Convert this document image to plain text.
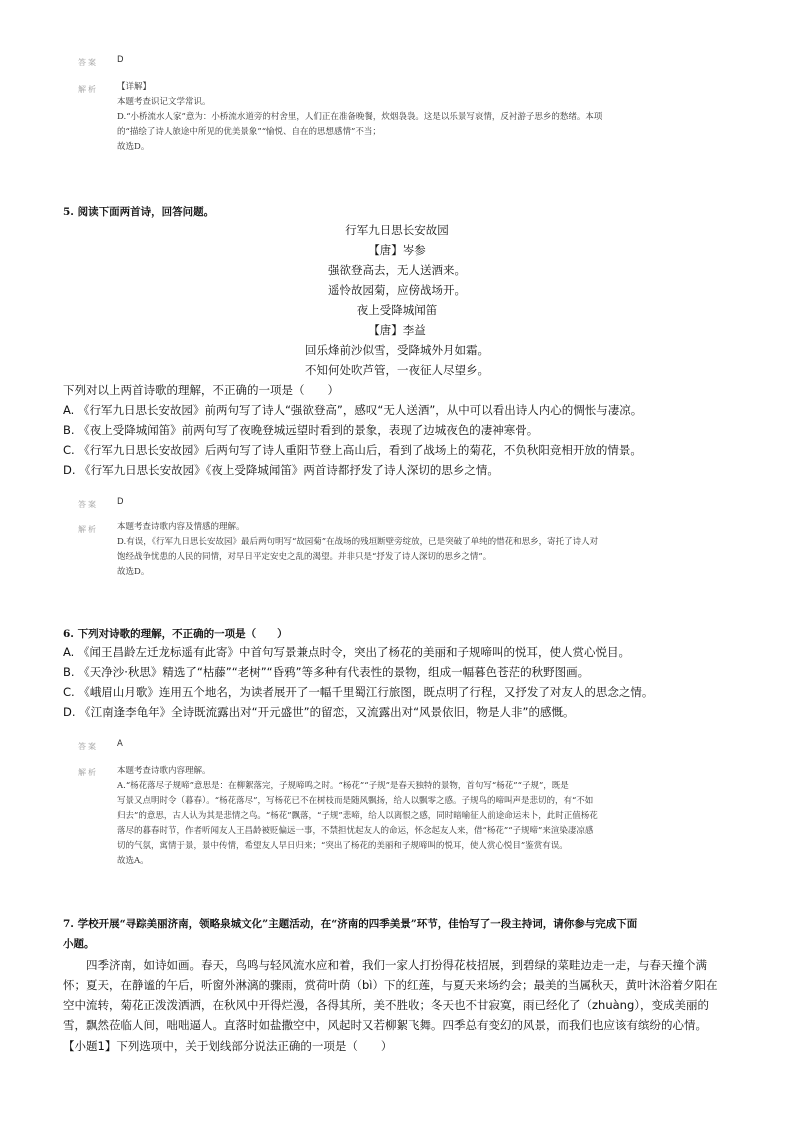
答案 D
解析 【详解】
本题考查识记文学常识。
D.“小桥流水人家”意为：小桥流水道旁的村舍里，人们正在准备晚餐，炊烟袅袅。这是以乐景写哀情，反衬游子思乡的愁绪。本项
的“描绘了诗人旅途中所见的优美景象”“愉悦、自在的思想感情”不当；
故选D。
5. 阅读下面两首诗，回答问题。
行军九日思长安故园
【唐】岑参
强欲登高去，无人送酒来。
遥怜故园菊，应傍战场开。
夜上受降城闻笛
【唐】李益
回乐烽前沙似雪，受降城外月如霜。
不知何处吹芦管，一夜征人尽望乡。
下列对以上两首诗歌的理解，不正确的一项是（　　）
A. 《行军九日思长安故园》前两句写了诗人“强欲登高”，感叹“无人送酒”，从中可以看出诗人内心的惆怅与凄凉。
B. 《夜上受降城闻笛》前两句写了夜晚登城远望时看到的景象，表现了边城夜色的凄神寒骨。
C. 《行军九日思长安故园》后两句写了诗人重阳节登上高山后，看到了战场上的菊花，不负秋阳竞相开放的情景。
D. 《行军九日思长安故园》《夜上受降城闻笛》两首诗都抒发了诗人深切的思乡之情。
答案 D
解析 本题考查诗歌内容及情感的理解。
D.有误，《行军九日思长安故园》最后两句明写“故园菊”在战场的残垣断壁旁绽放，已是突破了单纯的惜花和思乡，寄托了诗人对
饱经战争忧患的人民的同情，对早日平定安史之乱的渴望。并非只是“抒发了诗人深切的思乡之情”。
故选D。
6. 下列对诗歌的理解，不正确的一项是（　　）
A. 《闻王昌龄左迁龙标遥有此寄》中首句写景兼点时令，突出了杨花的美丽和子规啼叫的悦耳，使人赏心悦目。
B. 《天净沙·秋思》精选了“枯藤”“老树”“昏鸦”等多种有代表性的景物，组成一幅暮色苍茫的秋野图画。
C. 《峨眉山月歌》连用五个地名，为读者展开了一幅千里蜀江行旅图，既点明了行程，又抒发了对友人的思念之情。
D. 《江南逢李龟年》全诗既流露出对“开元盛世”的留恋，又流露出对“风景依旧，物是人非”的感慨。
答案 A
解析 本题考查诗歌内容理解。
A.“杨花落尽子规啼”意思是：在柳絮落完，子规啼鸣之时。“杨花”“子规”是春天独特的景物，首句写“杨花”“子规”，既是
写景又点明时令（暮春）。“杨花落尽”，写杨花已不在树枝而是随风飘扬，给人以飘零之感。子规鸟的啼叫声是悲切的，有“不如
归去”的意思，古人认为其是悲情之鸟。“杨花”飘落，“子规”悲啼，给人以离恨之感，同时暗喻征人前途命运未卜，此时正值杨花
落尽的暮春时节，作者听闻友人王昌龄被贬偏远一事，不禁担忧起友人的命运，怀念起友人来，借“杨花”“子规啼”来渲染凄凉感
切的气氛，寓情于景，景中传情，希望友人早日归来；“突出了杨花的美丽和子规啼叫的悦耳，使人赏心悦目”鉴赏有误。
故选A。
7. 学校开展“寻踪美丽济南，领略泉城文化”主题活动，在“济南的四季美景”环节，佳怡写了一段主持词，请你参与完成下面
小题。
　　四季济南，如诗如画。春天，鸟鸣与轻风流水应和着，我们一家人打扮得花枝招展，到碧绿的菜畦边走一走，与春天撞个满
怀；夏天，在静谧的午后，听窗外淋漓的骤雨，赏荷叶荫（bì）下的红莲，与夏天来场约会；最美的当属秋天，黄叶沐浴着夕阳在
空中流转，菊花正泼泼洒洒，在秋风中开得烂漫，各得其所，美不胜收；冬天也不甘寂寞，雨已经化了（zhuàng），变成美丽的
雪，飘然莅临人间，咄咄逼人。直落时如盐撒空中，风起时又若柳絮飞舞。四季总有变幻的风景，而我们也应该有缤纷的心情。
【小题1】下列选项中，关于划线部分说法正确的一项是（　　）
